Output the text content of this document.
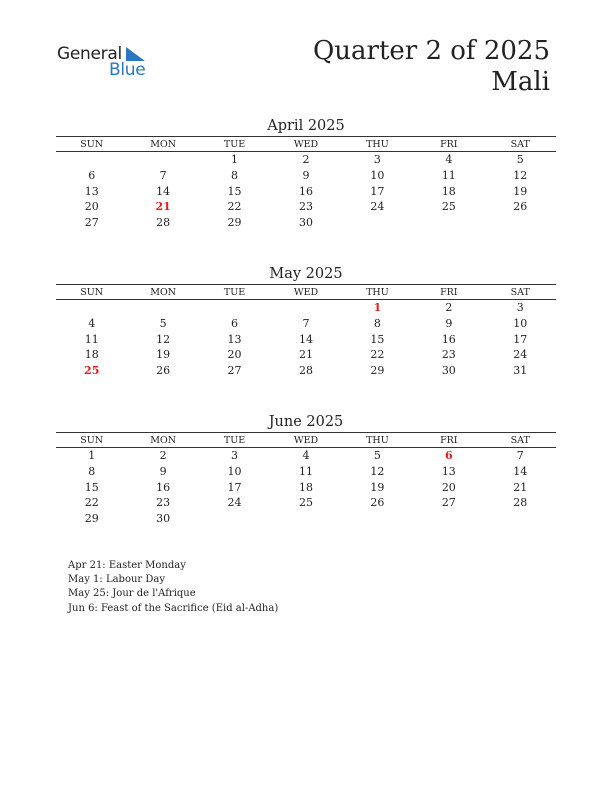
General
Blue
Quarter 2 of 2025
Mali
April 2025
SUN	MON	TUE	WED	THU	FRI	SAT
		1	2	3	4	5
6	7	8	9	10	11	12
13	14	15	16	17	18	19
20	21	22	23	24	25	26
27	28	29	30			
May 2025
SUN	MON	TUE	WED	THU	FRI	SAT
				1	2	3
4	5	6	7	8	9	10
11	12	13	14	15	16	17
18	19	20	21	22	23	24
25	26	27	28	29	30	31
June 2025
SUN	MON	TUE	WED	THU	FRI	SAT
1	2	3	4	5	6	7
8	9	10	11	12	13	14
15	16	17	18	19	20	21
22	23	24	25	26	27	28
29	30					
Apr 21: Easter Monday
May 1: Labour Day
May 25: Jour de l'Afrique
Jun 6: Feast of the Sacrifice (Eid al-Adha)
